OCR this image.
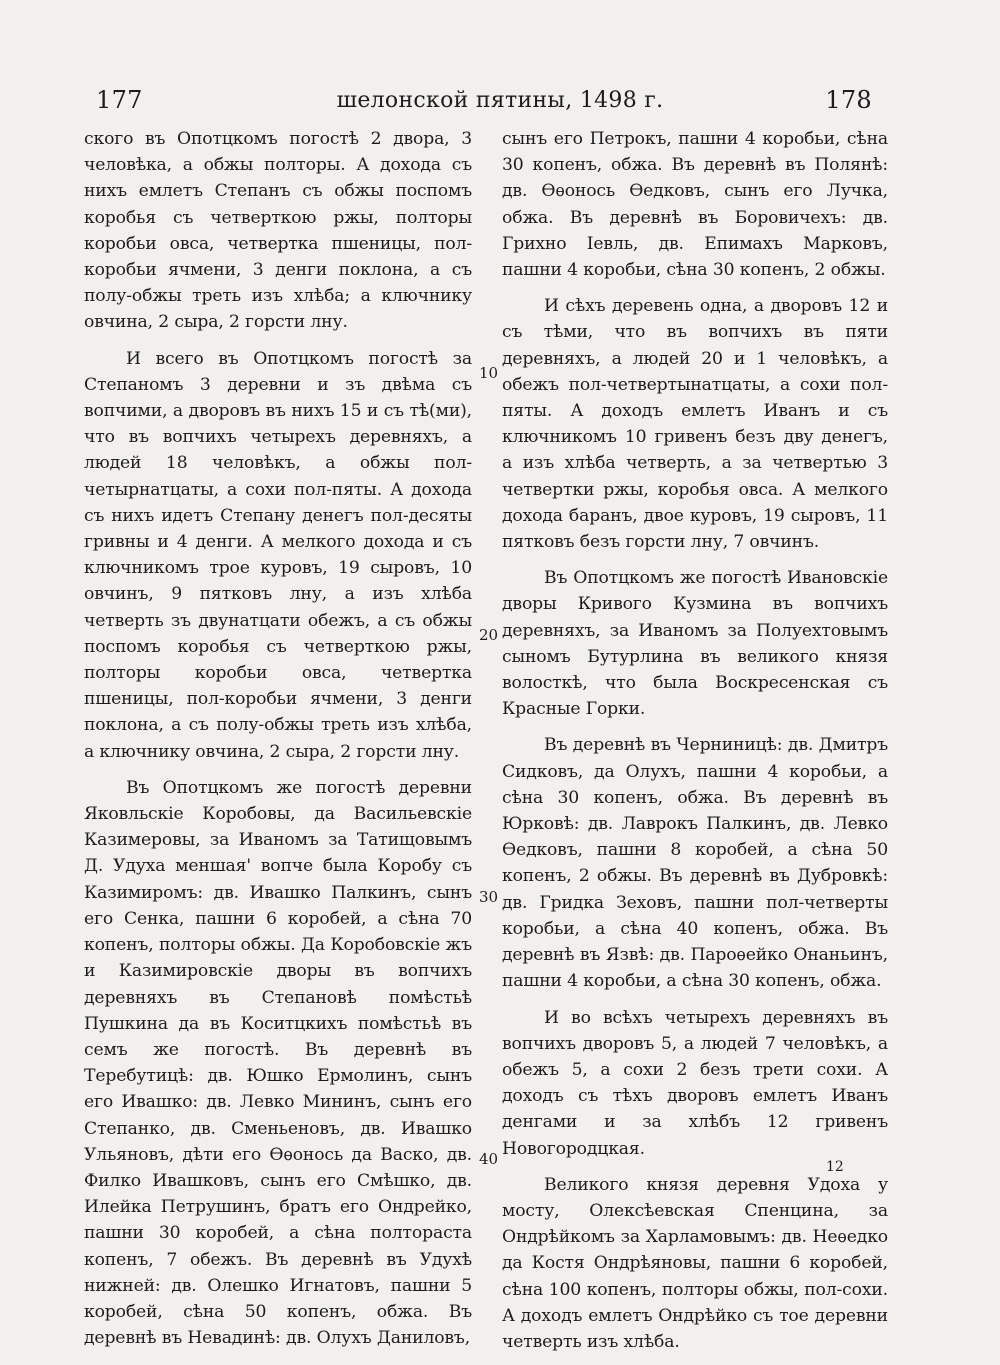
177	шелонской пятины, 1498 г.	178

ского въ Опотцкомъ погостѣ 2 двора, 3 человѣка, а обжы полторы. А дохода съ нихъ емлетъ Степанъ съ обжы поспомъ коробья съ четверткою ржы, полторы коробьи овса, четвертка пшеницы, пол-коробьи ячмени, 3 денги поклона, а съ полу-обжы треть изъ хлѣба; а ключнику овчина, 2 сыра, 2 горсти лну.

И всего въ Опотцкомъ погостѣ за Степаномъ 3 деревни и зъ двѣма съ вопчими, а дворовъ въ нихъ 15 и съ тѣ(ми), что въ вопчихъ четырехъ деревняхъ, а людей 18 человѣкъ, а обжы пол-четырнатцаты, а сохи пол-пяты. А дохода съ нихъ идетъ Степану денегъ пол-десяты гривны и 4 денги. А мелкого дохода и съ ключникомъ трое куровъ, 19 сыровъ, 10 овчинъ, 9 пятковъ лну, а изъ хлѣба четверть зъ двунатцати обежъ, а съ обжы поспомъ коробья съ четверткою ржы, полторы коробьи овса, четвертка пшеницы, пол-коробьи ячмени, 3 денги поклона, а съ полу-обжы треть изъ хлѣба, а ключнику овчина, 2 сыра, 2 горсти лну.

Въ Опотцкомъ же погостѣ деревни Яковльскіе Коробовы, да Васильевскіе Казимеровы, за Иваномъ за Татищовымъ Д. Удуха меншая' вопче была Коробу съ Казимиромъ: дв. Ивашко Палкинъ, сынъ его Сенка, пашни 6 коробей, а сѣна 70 копенъ, полторы обжы. Да Коробовскіе жъ и Казимировскіе дворы въ вопчихъ деревняхъ въ Степановѣ помѣстьѣ Пушкина да въ Коситцкихъ помѣстьѣ въ семъ же погостѣ. Въ деревнѣ въ Теребутицѣ: дв. Юшко Ермолинъ, сынъ его Ивашко: дв. Левко Мининъ, сынъ его Степанко, дв. Сменьеновъ, дв. Ивашко Ульяновъ, дѣти его Ѳѳонось да Васко, дв. Филко Ивашковъ, сынъ его Смѣшко, дв. Илейка Петрушинъ, братъ его Ондрейко, пашни 30 коробей, а сѣна полтораста копенъ, 7 обежъ. Въ деревнѣ въ Удухѣ нижней: дв. Олешко Игнатовъ, пашни 5 коробей, сѣна 50 копенъ, обжа. Въ деревнѣ въ Невадинѣ: дв. Олухъ Даниловъ,

сынъ его Петрокъ, пашни 4 коробьи, сѣна 30 копенъ, обжа. Въ деревнѣ въ Полянѣ: дв. Ѳѳонось Ѳедковъ, сынъ его Лучка, обжа. Въ деревнѣ въ Боровичехъ: дв. Грихно Іевль, дв. Епимахъ Марковъ, пашни 4 коробьи, сѣна 30 копенъ, 2 обжы.

И сѣхъ деревень одна, а дворовъ 12 и съ тѣми, что въ вопчихъ въ пяти деревняхъ, а людей 20 и 1 человѣкъ, а обежъ пол-четвертынатцаты, а сохи пол-пяты. А доходъ емлетъ Иванъ и съ ключникомъ 10 гривенъ безъ двy денегъ, а изъ хлѣба четверть, а за четвертью 3 четвертки ржы, коробья овса. А мелкого дохода баранъ, двое куровъ, 19 сыровъ, 11 пятковъ безъ горсти лну, 7 овчинъ.

Въ Опотцкомъ же погостѣ Ивановскіе дворы Кривого Кузмина въ вопчихъ деревняхъ, за Иваномъ за Полуехтовымъ сыномъ Бутурлина въ великого князя волосткѣ, что была Воскресенская съ Красные Горки.

Въ деревнѣ въ Черниницѣ: дв. Дмитръ Сидковъ, да Олухъ, пашни 4 коробьи, а сѣна 30 копенъ, обжа. Въ деревнѣ въ Юрковѣ: дв. Лаврокъ Палкинъ, дв. Левко Ѳедковъ, пашни 8 коробей, а сѣна 50 копенъ, 2 обжы. Въ деревнѣ въ Дубровкѣ: дв. Гридка Зеховъ, пашни пол-четверты коробьи, а сѣна 40 копенъ, обжа. Въ деревнѣ въ Язвѣ: дв. Пароѳейко Онаньинъ, пашни 4 коробьи, а сѣна 30 копенъ, обжа.

И во всѣхъ четырехъ деревняхъ въ вопчихъ дворовъ 5, а людей 7 человѣкъ, а обежъ 5, а сохи 2 безъ трети сохи. А доходъ съ тѣхъ дворовъ емлетъ Иванъ денгами и за хлѣбъ 12 гривенъ Новогородцкая.

Великого князя деревня Удоха у мосту, Олексѣевская Спенцина, за Ондрѣйкомъ за Харламовымъ: дв. Неѳедко да Костя Ондрѣяновы, пашни 6 коробей, сѣна 100 копенъ, полторы обжы, пол-сохи. А доходъ емлетъ Ондрѣйко съ тое деревни четверть изъ хлѣба.

10
20
30
40	12
